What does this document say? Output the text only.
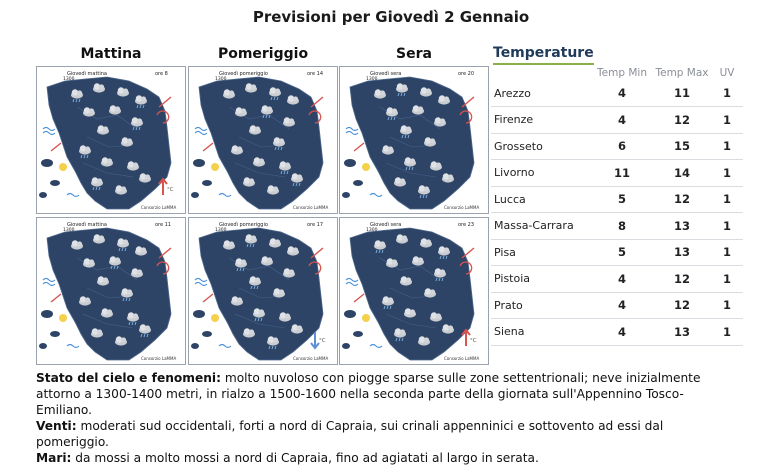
Previsioni per Giovedì 2 Gennaio
Mattina	Pomeriggio	Sera
°C
Giovedì mattina	ore 8
1300
Consorzio LaMMA
Giovedì pomeriggio	ore 14
1300
Consorzio LaMMA
Giovedì sera	ore 20
1300
Consorzio LaMMA
Giovedì mattina	ore 11
1300
Consorzio LaMMA
°C
Giovedì pomeriggio	ore 17
1300
Consorzio LaMMA
°C
Giovedì sera	ore 23
1300
Consorzio LaMMA
Temperature
	Temp Min	Temp Max	UV
Arezzo	4	11	1
Firenze	4	12	1
Grosseto	6	15	1
Livorno	11	14	1
Lucca	5	12	1
Massa-Carrara	8	13	1
Pisa	5	13	1
Pistoia	4	12	1
Prato	4	12	1
Siena	4	13	1
Stato del cielo e fenomeni: molto nuvoloso con piogge sparse sulle zone settentrionali; neve inizialmente attorno a 1300-1400 metri, in rialzo a 1500-1600 nella seconda parte della giornata sull'Appennino Tosco-Emiliano.
Venti: moderati sud occidentali, forti a nord di Capraia, sui crinali appenninici e sottovento ad essi dal pomeriggio.
Mari: da mossi a molto mossi a nord di Capraia, fino ad agiatati al largo in serata.
